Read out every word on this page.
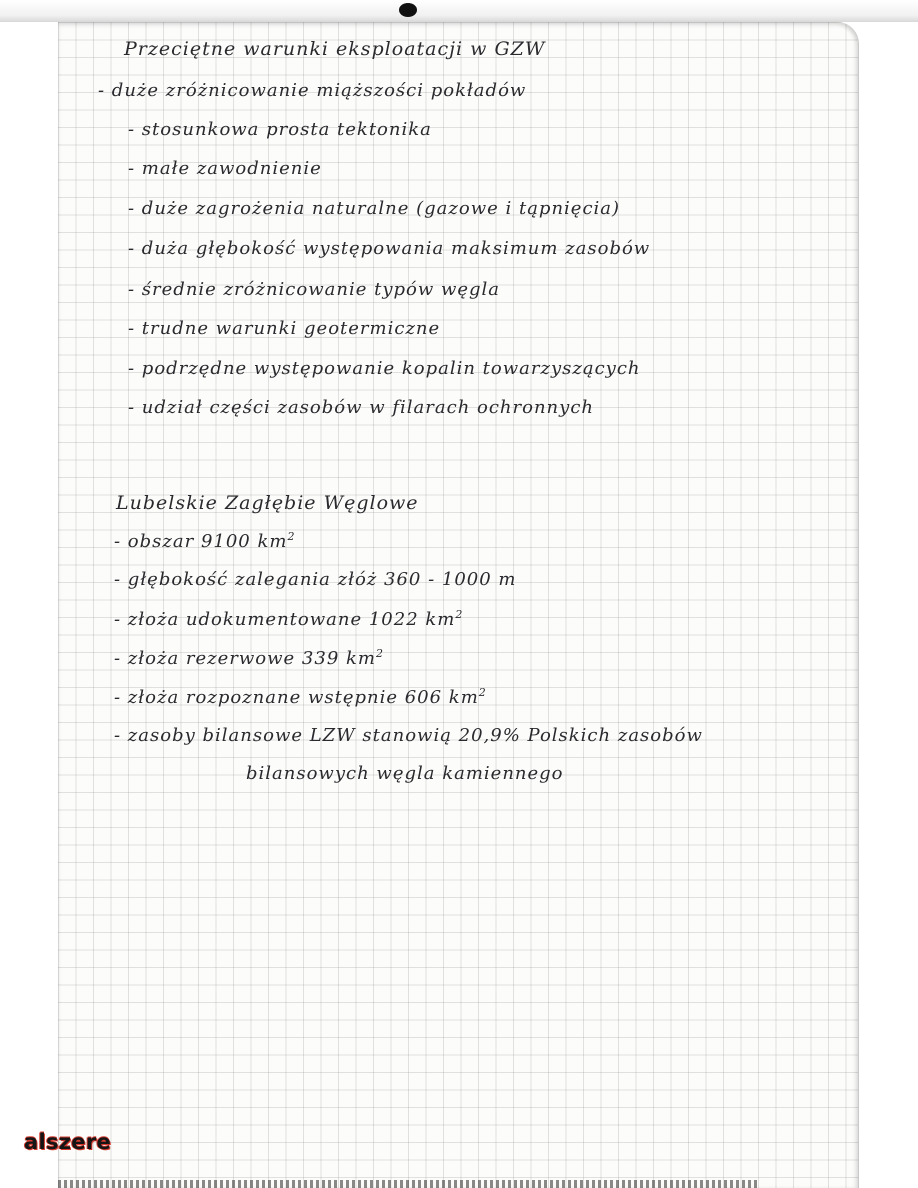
Przeciętne warunki eksploatacji w GZW
- duże zróżnicowanie miąższości pokładów
- stosunkowa prosta tektonika
- małe zawodnienie
- duże zagrożenia naturalne (gazowe i tąpnięcia)
- duża głębokość występowania maksimum zasobów
- średnie zróżnicowanie typów węgla
- trudne warunki geotermiczne
- podrzędne występowanie kopalin towarzyszących
- udział części zasobów w filarach ochronnych
Lubelskie Zagłębie Węglowe
- obszar 9100 $km^2$
- głębokość zalegania złóż 360 - 1000 m
- złoża udokumentowane 1022 $km^2$
- złoża rezerwowe 339 $km^2$
- złoża rozpoznane wstępnie 606 $km^2$
- zasoby bilansowe LZW stanowią 20,9% Polskich zasobów
bilansowych węgla kamiennego
alszere
